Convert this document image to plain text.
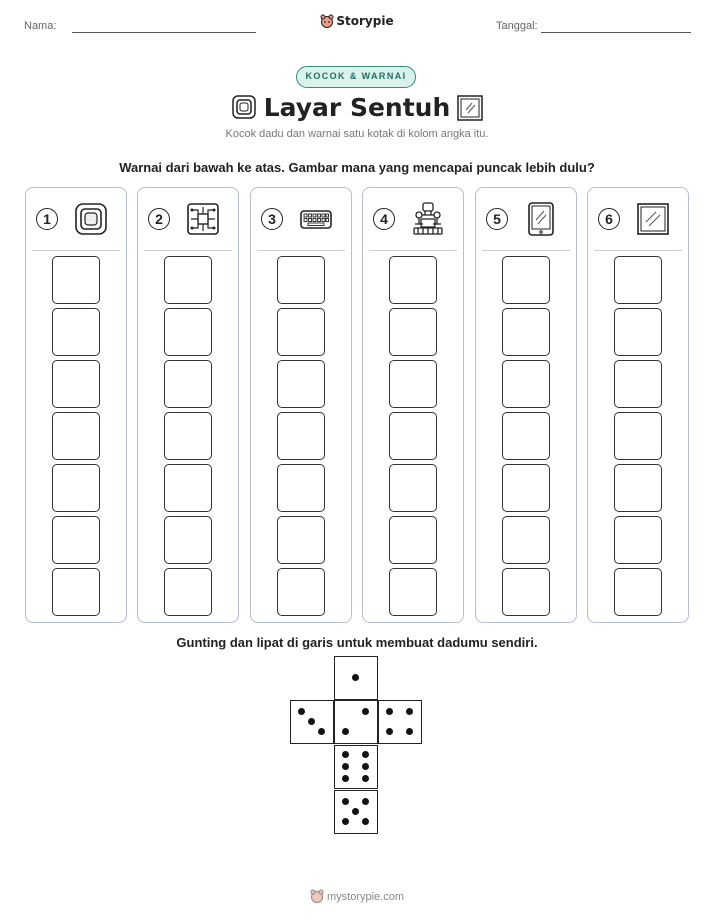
Nama:	Storypie	Tanggal:
KOCOK & WARNAI
Layar Sentuh
Kocok dadu dan warnai satu kotak di kolom angka itu.
Warnai dari bawah ke atas. Gambar mana yang mencapai puncak lebih dulu?
1	2	3	4	5	6
Gunting dan lipat di garis untuk membuat dadumu sendiri.
mystorypie.com
